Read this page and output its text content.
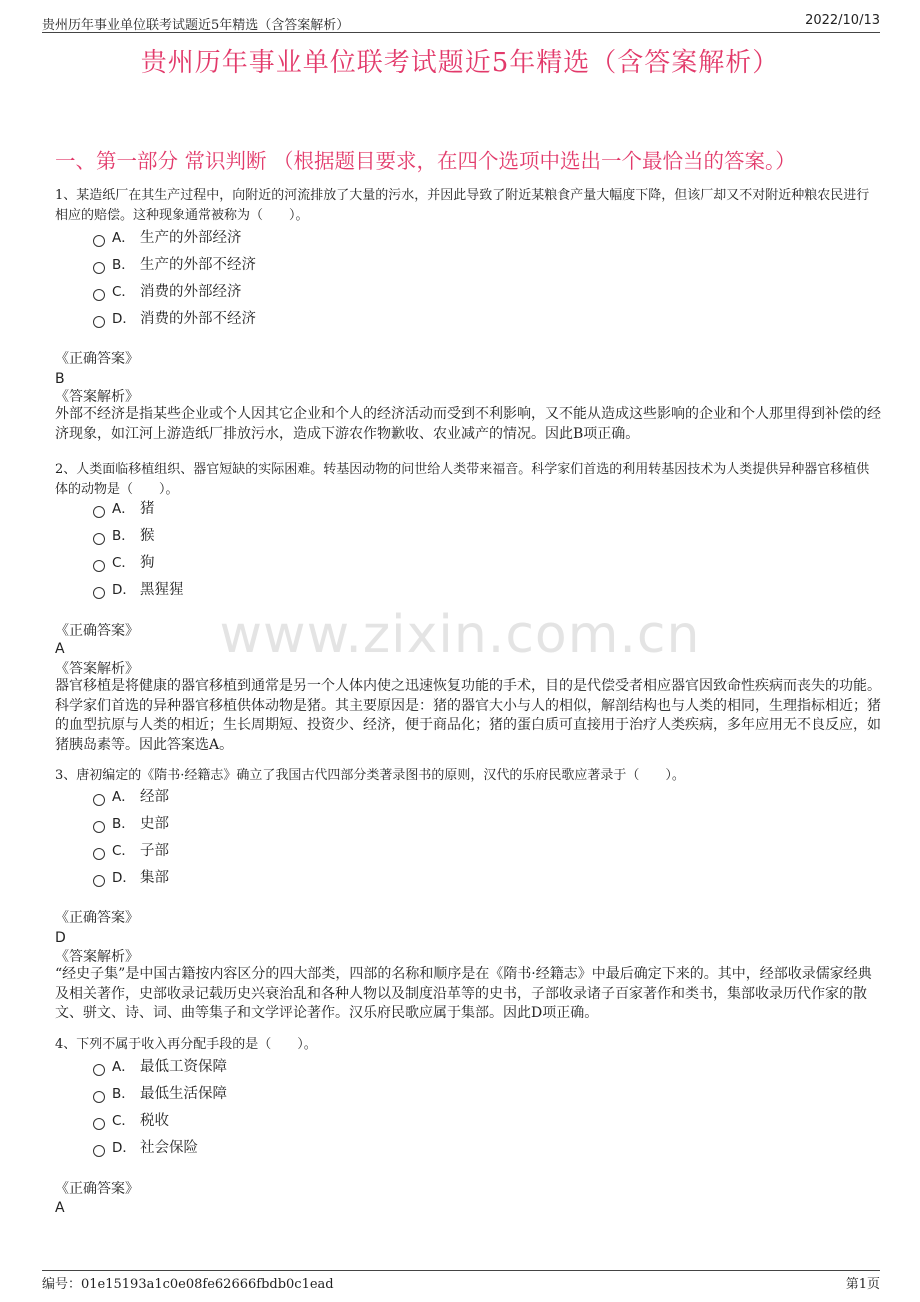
贵州历年事业单位联考试题近5年精选（含答案解析）	2022/10/13
贵州历年事业单位联考试题近5年精选（含答案解析）
一、第一部分 常识判断 （根据题目要求，在四个选项中选出一个最恰当的答案。）
www.zixin.com.cn
1、某造纸厂在其生产过程中，向附近的河流排放了大量的污水，并因此导致了附近某粮食产量大幅度下降，但该厂却又不对附近种粮农民进行相应的赔偿。这种现象通常被称为（　　）。
A． 生产的外部经济
B． 生产的外部不经济
C． 消费的外部经济
D． 消费的外部不经济
《正确答案》
B
《答案解析》
外部不经济是指某些企业或个人因其它企业和个人的经济活动而受到不利影响，又不能从造成这些影响的企业和个人那里得到补偿的经济现象，如江河上游造纸厂排放污水，造成下游农作物歉收、农业减产的情况。因此B项正确。
2、人类面临移植组织、器官短缺的实际困难。转基因动物的问世给人类带来福音。科学家们首选的利用转基因技术为人类提供异种器官移植供体的动物是（　　）。
A． 猪
B． 猴
C． 狗
D． 黑猩猩
《正确答案》
A
《答案解析》
器官移植是将健康的器官移植到通常是另一个人体内使之迅速恢复功能的手术，目的是代偿受者相应器官因致命性疾病而丧失的功能。科学家们首选的异种器官移植供体动物是猪。其主要原因是：猪的器官大小与人的相似，解剖结构也与人类的相同，生理指标相近；猪的血型抗原与人类的相近；生长周期短、投资少、经济，便于商品化；猪的蛋白质可直接用于治疗人类疾病，多年应用无不良反应，如猪胰岛素等。因此答案选A。
3、唐初编定的《隋书·经籍志》确立了我国古代四部分类著录图书的原则，汉代的乐府民歌应著录于（　　）。
A． 经部
B． 史部
C． 子部
D． 集部
《正确答案》
D
《答案解析》
“经史子集”是中国古籍按内容区分的四大部类，四部的名称和顺序是在《隋书·经籍志》中最后确定下来的。其中，经部收录儒家经典及相关著作，史部收录记载历史兴衰治乱和各种人物以及制度沿革等的史书，子部收录诸子百家著作和类书，集部收录历代作家的散文、骈文、诗、词、曲等集子和文学评论著作。汉乐府民歌应属于集部。因此D项正确。
4、下列不属于收入再分配手段的是（　　）。
A． 最低工资保障
B． 最低生活保障
C． 税收
D． 社会保险
《正确答案》
A
编号：01e15193a1c0e08fe62666fbdb0c1ead	第1页
